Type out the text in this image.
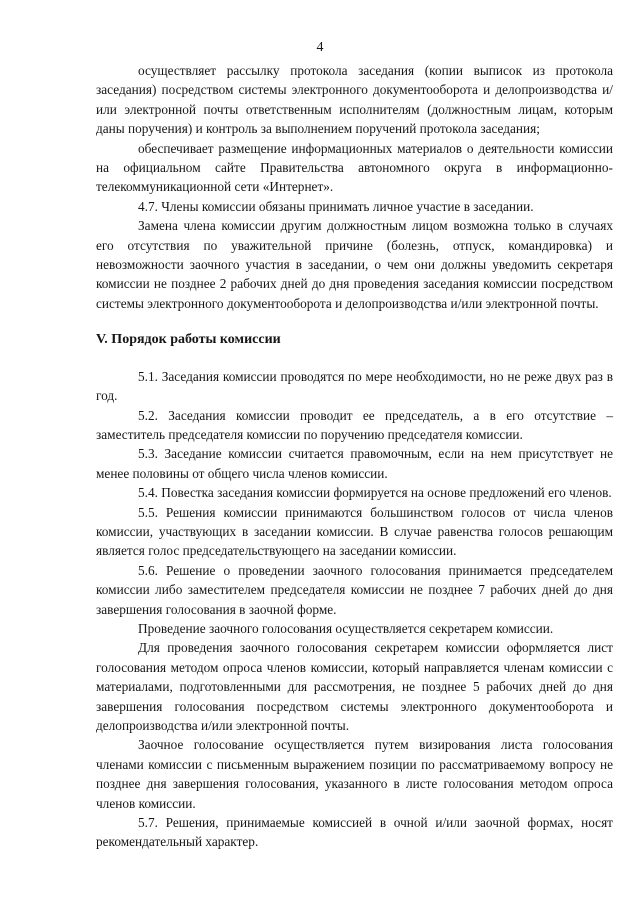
4

осуществляет рассылку протокола заседания (копии выписок из протокола заседания) посредством системы электронного документооборота и делопроизводства и/или электронной почты ответственным исполнителям (должностным лицам, которым даны поручения) и контроль за выполнением поручений протокола заседания;

обеспечивает размещение информационных материалов о деятельности комиссии на официальном сайте Правительства автономного округа в информационно-телекоммуникационной сети «Интернет».

4.7. Члены комиссии обязаны принимать личное участие в заседании.

Замена члена комиссии другим должностным лицом возможна только в случаях его отсутствия по уважительной причине (болезнь, отпуск, командировка) и невозможности заочного участия в заседании, о чем они должны уведомить секретаря комиссии не позднее 2 рабочих дней до дня проведения заседания комиссии посредством системы электронного документооборота и делопроизводства и/или электронной почты.

V. Порядок работы комиссии

5.1. Заседания комиссии проводятся по мере необходимости, но не реже двух раз в год.

5.2. Заседания комиссии проводит ее председатель, а в его отсутствие – заместитель председателя комиссии по поручению председателя комиссии.

5.3. Заседание комиссии считается правомочным, если на нем присутствует не менее половины от общего числа членов комиссии.

5.4. Повестка заседания комиссии формируется на основе предложений его членов.

5.5. Решения комиссии принимаются большинством голосов от числа членов комиссии, участвующих в заседании комиссии. В случае равенства голосов решающим является голос председательствующего на заседании комиссии.

5.6. Решение о проведении заочного голосования принимается председателем комиссии либо заместителем председателя комиссии не позднее 7 рабочих дней до дня завершения голосования в заочной форме.

Проведение заочного голосования осуществляется секретарем комиссии.

Для проведения заочного голосования секретарем комиссии оформляется лист голосования методом опроса членов комиссии, который направляется членам комиссии с материалами, подготовленными для рассмотрения, не позднее 5 рабочих дней до дня завершения голосования посредством системы электронного документооборота и делопроизводства и/или электронной почты.

Заочное голосование осуществляется путем визирования листа голосования членами комиссии с письменным выражением позиции по рассматриваемому вопросу не позднее дня завершения голосования, указанного в листе голосования методом опроса членов комиссии.

5.7. Решения, принимаемые комиссией в очной и/или заочной формах, носят рекомендательный характер.
